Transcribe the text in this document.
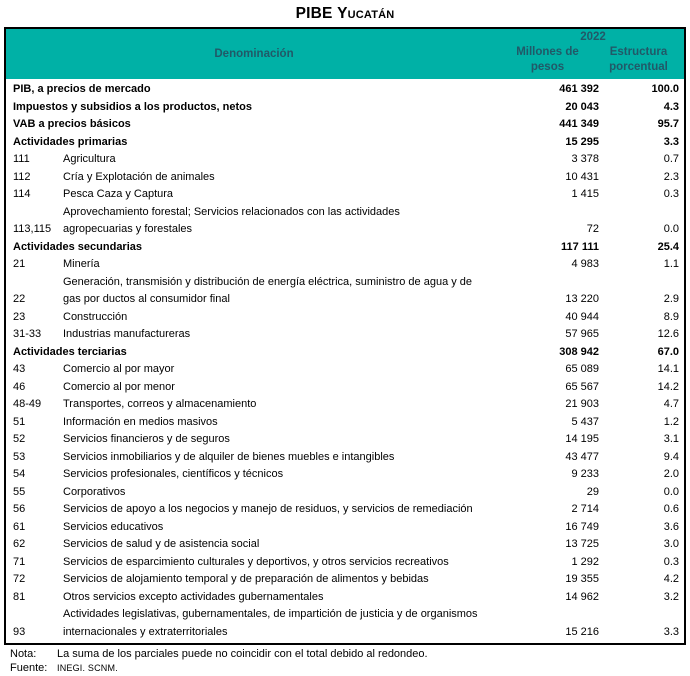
PIBE Yucatán
Denominación
2022
Millones de
pesos
Estructura
porcentual
PIB, a precios de mercado		461 392	100.0
Impuestos y subsidios a los productos, netos		20 043	4.3
VAB a precios básicos		441 349	95.7
Actividades primarias		15 295	3.3
111	Agricultura	3 378	0.7
112	Cría y Explotación de animales	10 431	2.3
114	Pesca Caza y Captura	1 415	0.3
113,115	Aprovechamiento forestal; Servicios relacionados con las actividades
agropecuarias y forestales	72	0.0
Actividades secundarias		117 111	25.4
21	Minería	4 983	1.1
22	Generación, transmisión y distribución de energía eléctrica, suministro de agua y de
gas por ductos al consumidor final	13 220	2.9
23	Construcción	40 944	8.9
31-33	Industrias manufactureras	57 965	12.6
Actividades terciarias		308 942	67.0
43	Comercio al por mayor	65 089	14.1
46	Comercio al por menor	65 567	14.2
48-49	Transportes, correos y almacenamiento	21 903	4.7
51	Información en medios masivos	5 437	1.2
52	Servicios financieros y de seguros	14 195	3.1
53	Servicios inmobiliarios y de alquiler de bienes muebles e intangibles	43 477	9.4
54	Servicios profesionales, científicos y técnicos	9 233	2.0
55	Corporativos	29	0.0
56	Servicios de apoyo a los negocios y manejo de residuos, y servicios de remediación	2 714	0.6
61	Servicios educativos	16 749	3.6
62	Servicios de salud y de asistencia social	13 725	3.0
71	Servicios de esparcimiento culturales y deportivos, y otros servicios recreativos	1 292	0.3
72	Servicios de alojamiento temporal y de preparación de alimentos y bebidas	19 355	4.2
81	Otros servicios excepto actividades gubernamentales	14 962	3.2
93	Actividades legislativas, gubernamentales, de impartición de justicia y de organismos
internacionales y extraterritoriales	15 216	3.3
Nota:	La suma de los parciales puede no coincidir con el total debido al redondeo.
Fuente:	INEGI. SCNM.
